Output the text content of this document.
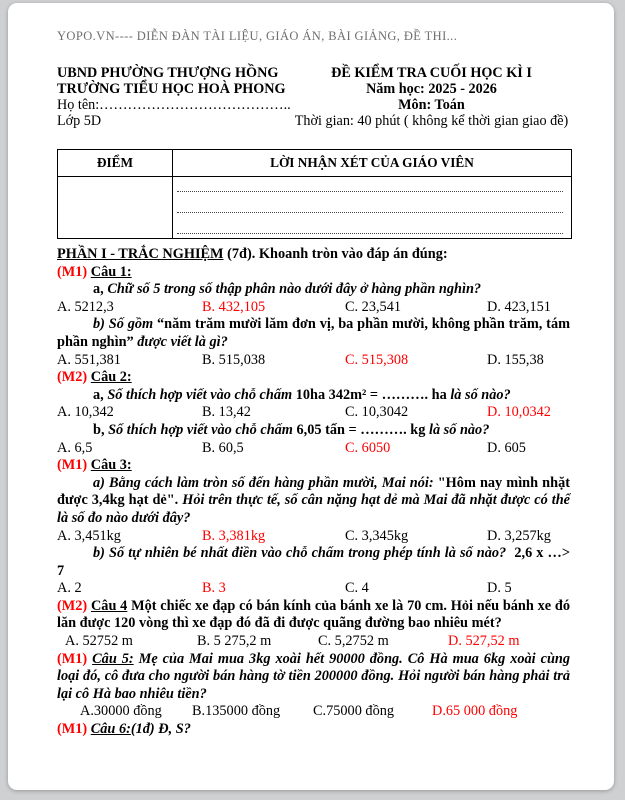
YOPO.VN---- DIỄN ĐÀN TÀI LIỆU, GIÁO ÁN, BÀI GIẢNG, ĐỀ THI...
UBND PHƯỜNG THƯỢNG HỒNG
TRƯỜNG TIỂU HỌC HOÀ PHONG
Họ tên:…………………………………..
Lớp 5D
ĐỀ KIỂM TRA CUỐI HỌC KÌ I
Năm học: 2025 - 2026
Môn: Toán
Thời gian: 40 phút ( không kể thời gian giao đề)
ĐIỂM	LỜI NHẬN XÉT CỦA GIÁO VIÊN

PHẦN I - TRẮC NGHIỆM (7đ). Khoanh tròn vào đáp án đúng:
(M1) Câu 1:
a, Chữ số 5 trong số thập phân nào dưới đây ở hàng phần nghìn?
A. 5212,3	B. 432,105	C. 23,541	D. 423,151
b) Số gồm “năm trăm mười lăm đơn vị, ba phần mười, không phần trăm, tám phần nghìn” được viết là gì?
A. 551,381	B. 515,038	C. 515,308	D. 155,38
(M2) Câu 2:
a, Số thích hợp viết vào chỗ chấm 10ha 342m² = ………. ha là số nào?
A. 10,342	B. 13,42	C. 10,3042	D. 10,0342
b, Số thích hợp viết vào chỗ chấm 6,05 tấn = ………. kg là số nào?
A. 6,5	B. 60,5	C. 6050	D. 605
(M1) Câu 3:
a) Bằng cách làm tròn số đến hàng phần mười, Mai nói: "Hôm nay mình nhặt được 3,4kg hạt dẻ". Hỏi trên thực tế, số cân nặng hạt dẻ mà Mai đã nhặt được có thể là số đo nào dưới đây?
A. 3,451kg	B. 3,381kg	C. 3,345kg	D. 3,257kg
b) Số tự nhiên bé nhất điền vào chỗ chấm trong phép tính là số nào? 2,6 x …> 7
A. 2	B. 3	C. 4	D. 5
(M2) Câu 4 Một chiếc xe đạp có bán kính của bánh xe là 70 cm. Hỏi nếu bánh xe đó lăn được 120 vòng thì xe đạp đó đã đi được quãng đường bao nhiêu mét?
A. 52752 m	B. 5 275,2 m	C. 5,2752 m	D. 527,52 m
(M1) Câu 5: Mẹ của Mai mua 3kg xoài hết 90000 đồng. Cô Hà mua 6kg xoài cùng loại đó, cô đưa cho người bán hàng tờ tiền 200000 đồng. Hỏi người bán hàng phải trả lại cô Hà bao nhiêu tiền?
A.30000 đồng	B.135000 đồng	C.75000 đồng	D.65 000 đồng
(M1) Câu 6:(1đ) Đ, S?
